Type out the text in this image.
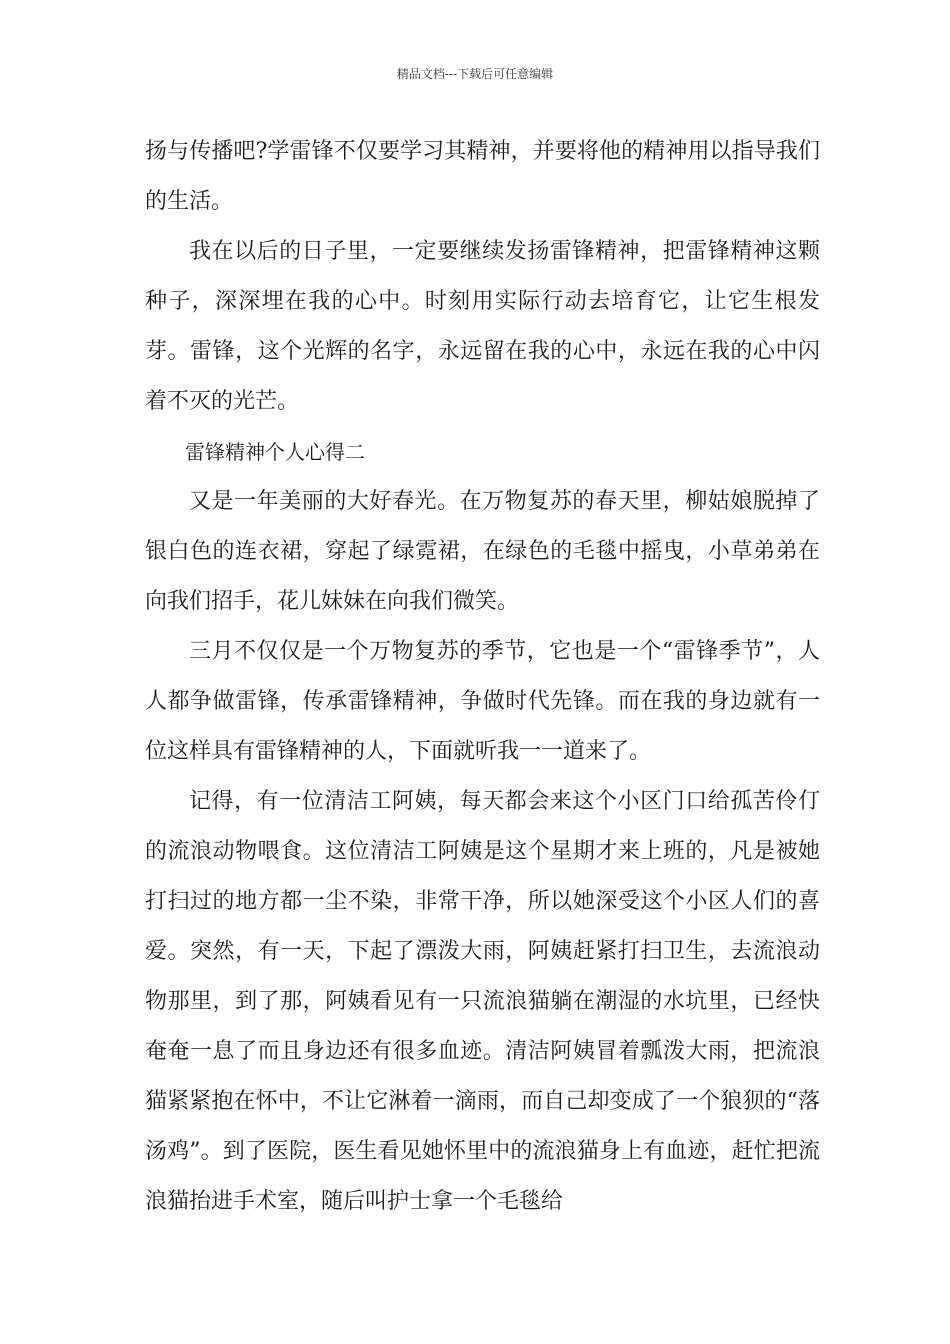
精品文档---下载后可任意编辑

扬与传播吧?学雷锋不仅要学习其精神，并要将他的精神用以指导我们的生活。

我在以后的日子里，一定要继续发扬雷锋精神，把雷锋精神这颗种子，深深埋在我的心中。时刻用实际行动去培育它，让它生根发芽。雷锋，这个光辉的名字，永远留在我的心中，永远在我的心中闪着不灭的光芒。

雷锋精神个人心得二

又是一年美丽的大好春光。在万物复苏的春天里，柳姑娘脱掉了银白色的连衣裙，穿起了绿霓裙，在绿色的毛毯中摇曳，小草弟弟在向我们招手，花儿妹妹在向我们微笑。

三月不仅仅是一个万物复苏的季节，它也是一个“雷锋季节”，人人都争做雷锋，传承雷锋精神，争做时代先锋。而在我的身边就有一位这样具有雷锋精神的人，下面就听我一一道来了。

记得，有一位清洁工阿姨，每天都会来这个小区门口给孤苦伶仃的流浪动物喂食。这位清洁工阿姨是这个星期才来上班的，凡是被她打扫过的地方都一尘不染，非常干净，所以她深受这个小区人们的喜爱。突然，有一天，下起了漂泼大雨，阿姨赶紧打扫卫生，去流浪动物那里，到了那，阿姨看见有一只流浪猫躺在潮湿的水坑里，已经快奄奄一息了而且身边还有很多血迹。清洁阿姨冒着瓢泼大雨，把流浪猫紧紧抱在怀中，不让它淋着一滴雨，而自己却变成了一个狼狈的“落汤鸡”。到了医院，医生看见她怀里中的流浪猫身上有血迹，赶忙把流浪猫抬进手术室，随后叫护士拿一个毛毯给
